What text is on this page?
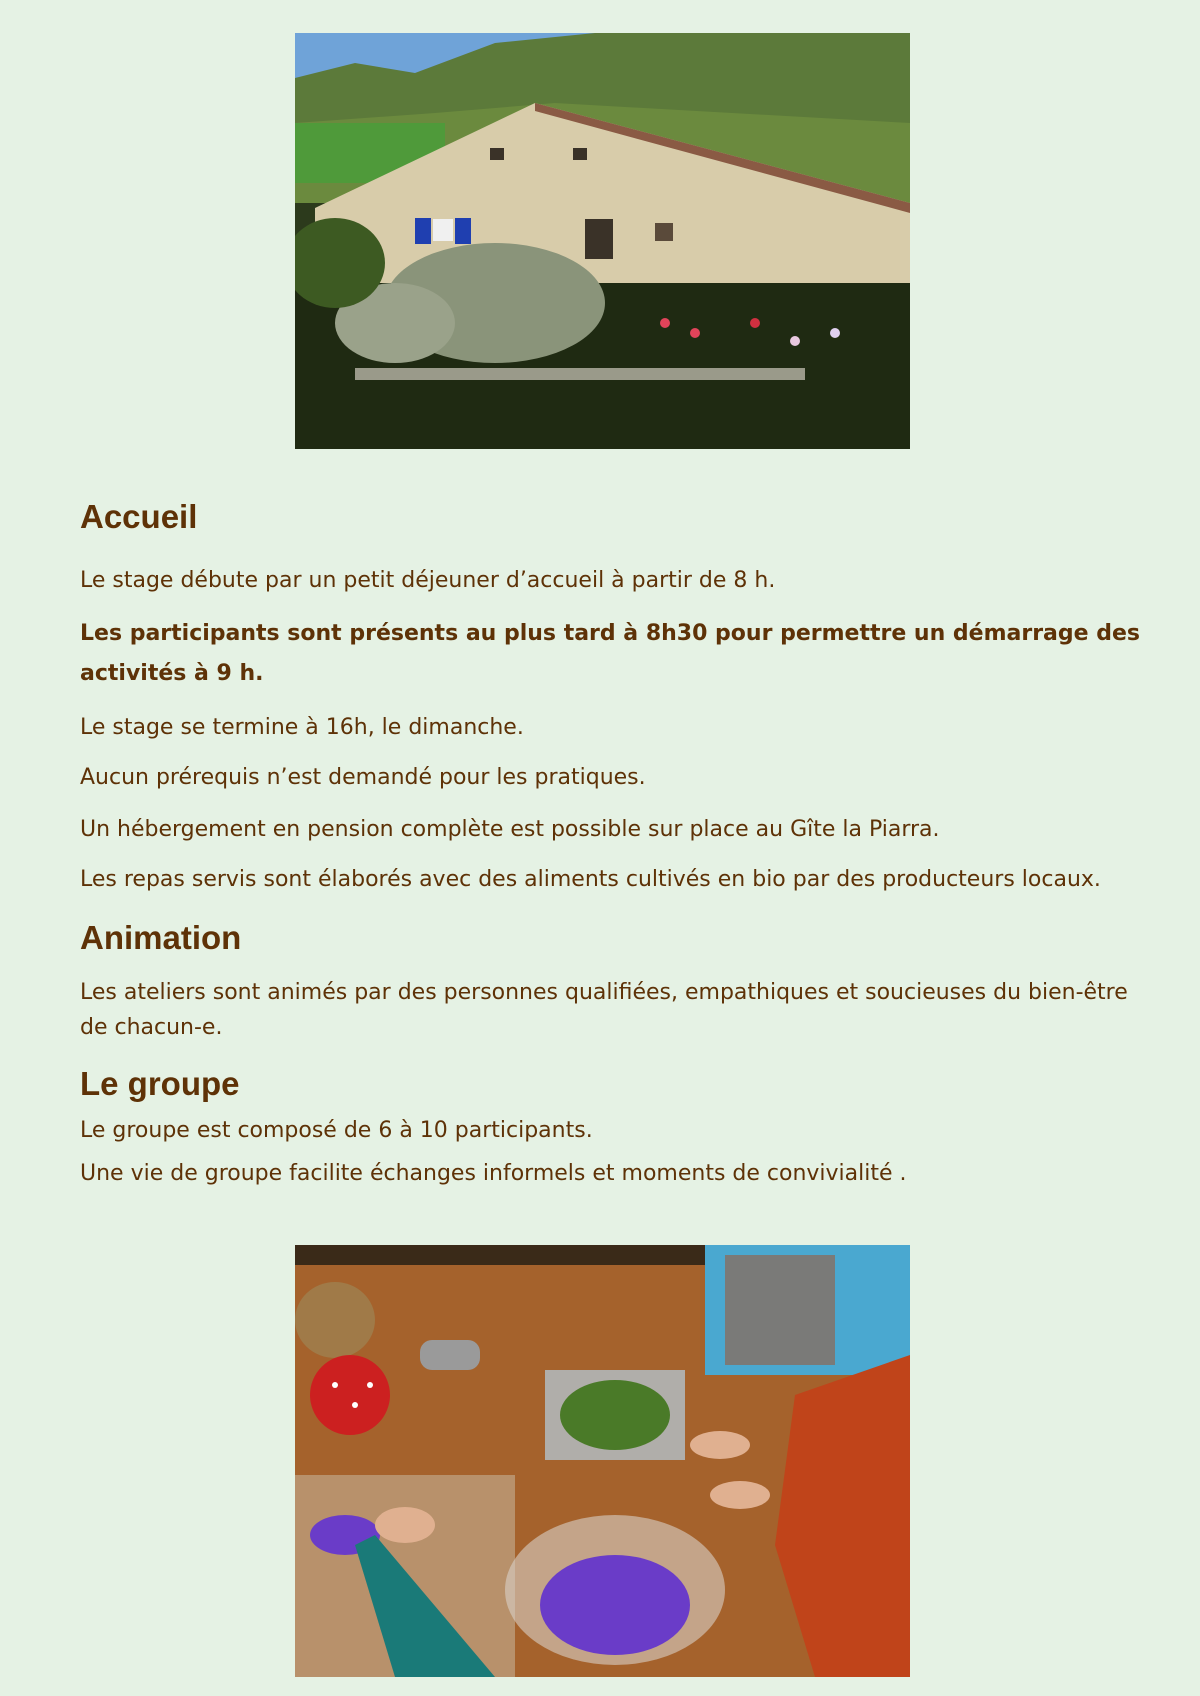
Accueil

Le stage débute par un petit déjeuner d’accueil à partir de 8 h.

Les participants sont présents au plus tard à 8h30 pour permettre un démarrage des activités à 9 h.

Le stage se termine à 16h, le dimanche.

Aucun prérequis n’est demandé pour les pratiques.

Un hébergement en pension complète est possible sur place au Gîte la Piarra.

Les repas servis sont élaborés avec des aliments cultivés en bio par des producteurs locaux.

Animation

Les ateliers sont animés par des personnes qualifiées, empathiques et soucieuses du bien-être de chacun-e.

Le groupe

Le groupe est composé de 6 à 10 participants.

Une vie de groupe facilite échanges informels et moments de convivialité .
